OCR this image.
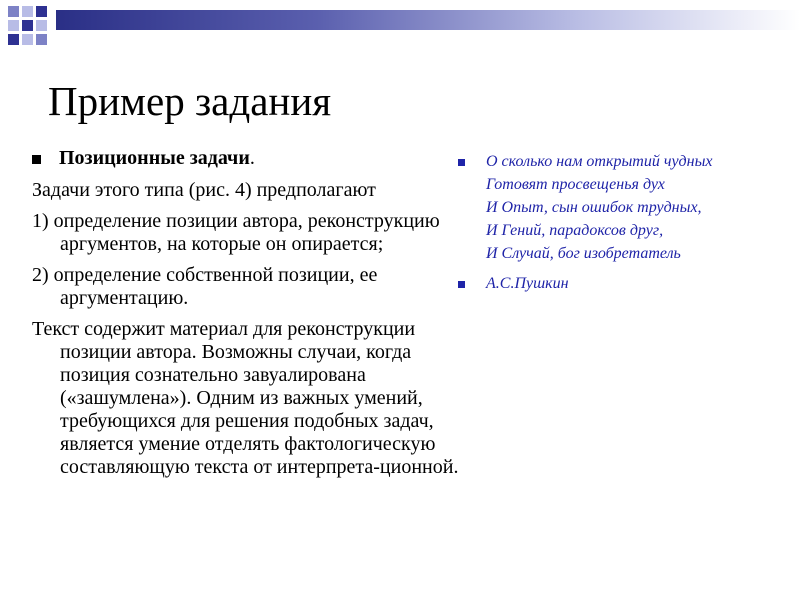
Пример задания
Позиционные задачи.

Задачи этого типа (рис. 4) предполагают

1) определение позиции автора, реконструкцию аргументов, на которые он опирается;

2) определение собственной позиции, ее аргументацию.

Текст содержит материал для реконструкции позиции автора. Возможны случаи, когда позиция сознательно завуалирована («зашумлена»). Одним из важных умений, требующихся для решения подобных задач, является умение отделять фактологическую составляющую текста от интерпрета-ционной.

О сколько нам открытий чудных
Готовят просвещенья дух
И Опыт, сын ошибок трудных,
И Гений, парадоксов друг,
И Случай, бог изобретатель
А.С.Пушкин
